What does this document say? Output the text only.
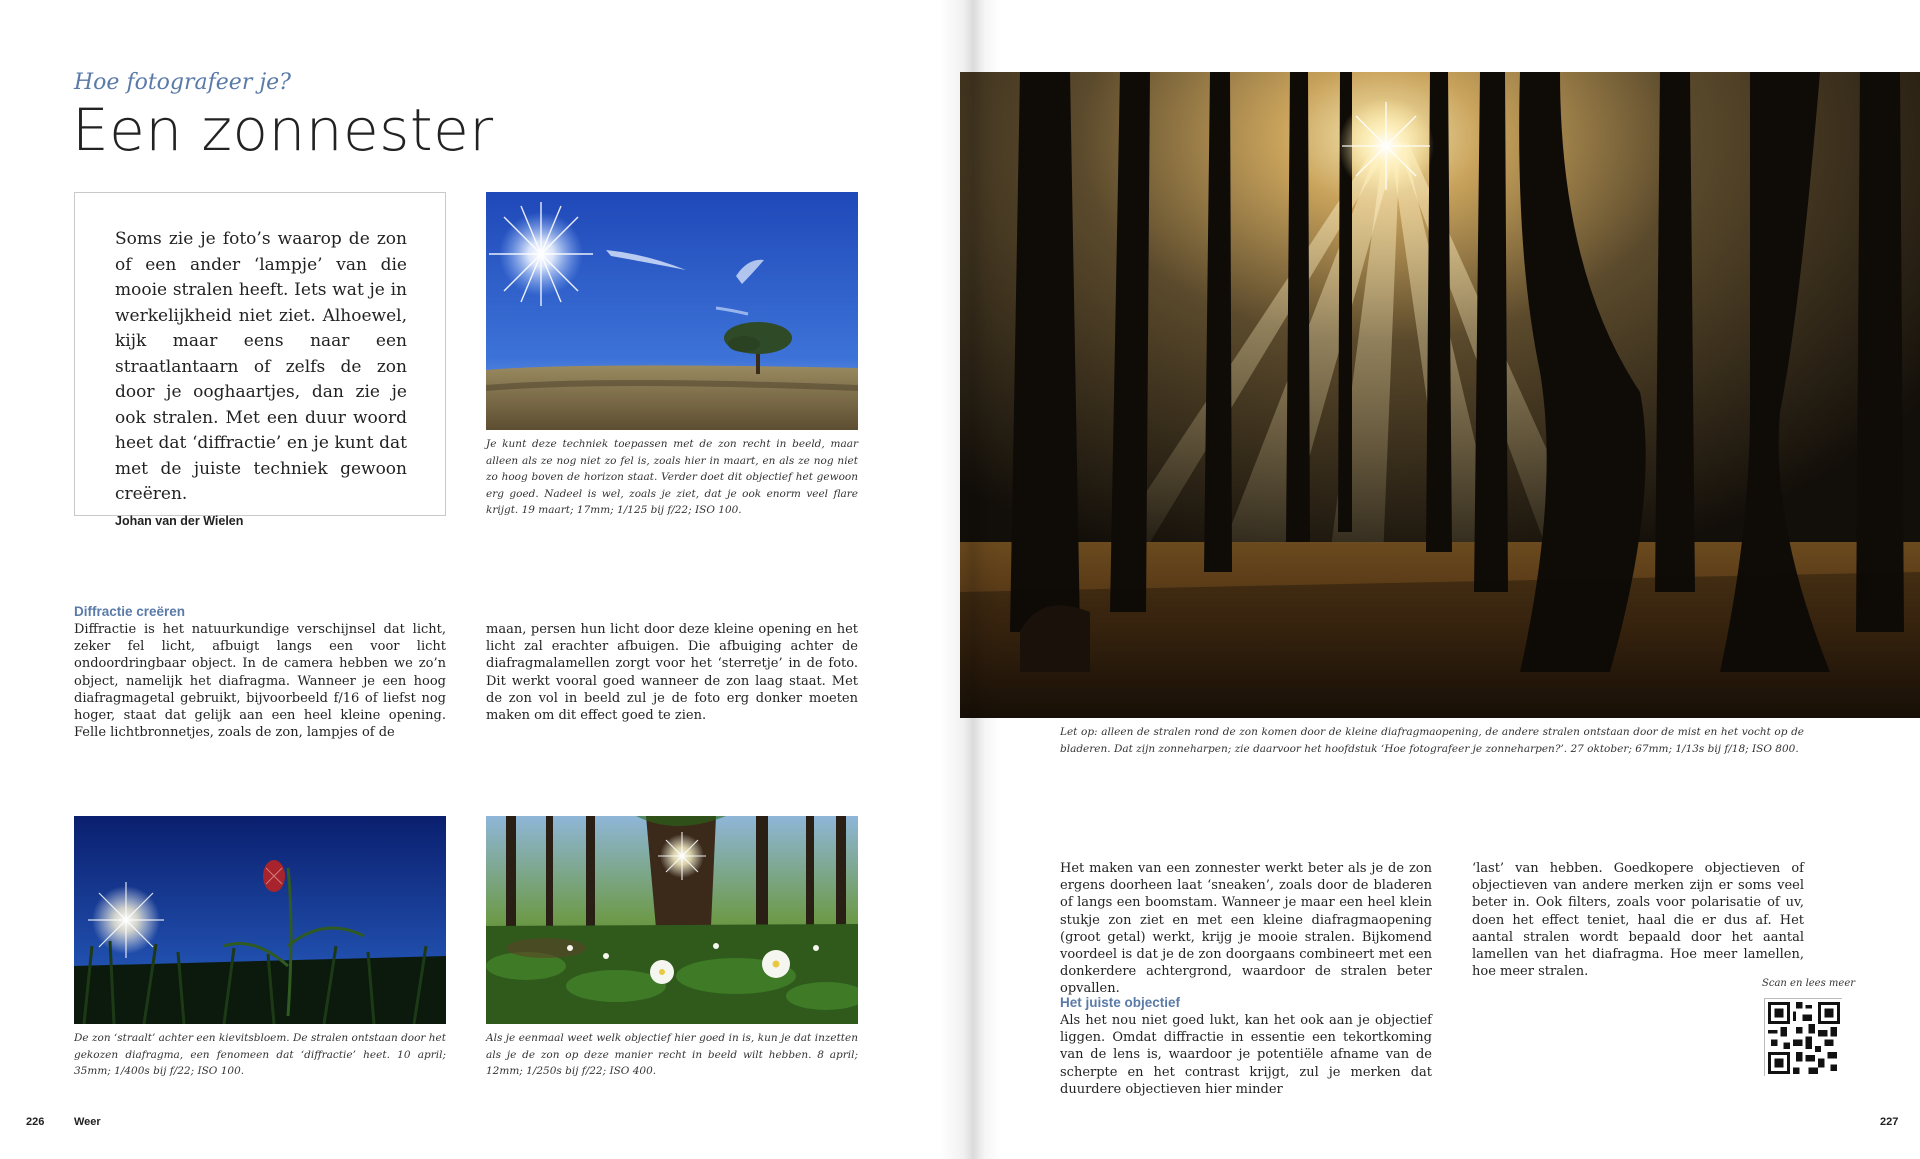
Hoe fotografeer je?
Een zonnester

Soms zie je foto’s waarop de zon of een ander ‘lampje’ van die mooie stralen heeft. Iets wat je in werkelijkheid niet ziet. Alhoewel, kijk maar eens naar een straatlantaarn of zelfs de zon door je ooghaartjes, dan zie je ook stralen. Met een duur woord heet dat ‘diffractie’ en je kunt dat met de juiste techniek gewoon creëren.

Johan van der Wielen

Je kunt deze techniek toepassen met de zon recht in beeld, maar alleen als ze nog niet zo fel is, zoals hier in maart, en als ze nog niet zo hoog boven de horizon staat. Verder doet dit objectief het gewoon erg goed. Nadeel is wel, zoals je ziet, dat je ook enorm veel flare krijgt. 19 maart; 17mm; 1/125 bij f/22; ISO 100.

Diffractie creëren

Diffractie is het natuurkundige verschijnsel dat licht, zeker fel licht, afbuigt langs een voor licht ondoordringbaar object. In de camera hebben we zo’n object, namelijk het diafragma. Wanneer je een hoog diafragmagetal gebruikt, bijvoorbeeld f/16 of liefst nog hoger, staat dat gelijk aan een heel kleine opening. Felle lichtbronnetjes, zoals de zon, lampjes of de

maan, persen hun licht door deze kleine opening en het licht zal erachter afbuigen. Die afbuiging achter de diafragmalamellen zorgt voor het ‘sterretje’ in de foto. Dit werkt vooral goed wanneer de zon laag staat. Met de zon vol in beeld zul je de foto erg donker moeten maken om dit effect goed te zien.

De zon ‘straalt’ achter een kievitsbloem. De stralen ontstaan door het gekozen diafragma, een fenomeen dat ‘diffractie’ heet. 10 april; 35mm; 1/400s bij f/22; ISO 100.

Als je eenmaal weet welk objectief hier goed in is, kun je dat inzetten als je de zon op deze manier recht in beeld wilt hebben. 8 april; 12mm; 1/250s bij f/22; ISO 400.

226	Weer

Let op: alleen de stralen rond de zon komen door de kleine diafragmaopening, de andere stralen ontstaan door de mist en het vocht op de bladeren. Dat zijn zonneharpen; zie daarvoor het hoofdstuk ‘Hoe fotografeer je zonneharpen?’. 27 oktober; 67mm; 1/13s bij f/18; ISO 800.

Het maken van een zonnester werkt beter als je de zon ergens doorheen laat ‘sneaken’, zoals door de bladeren of langs een boomstam. Wanneer je maar een heel klein stukje zon ziet en met een kleine diafragmaopening (groot getal) werkt, krijg je mooie stralen. Bijkomend voordeel is dat je de zon doorgaans combineert met een donkerdere achtergrond, waardoor de stralen beter opvallen.

Het juiste objectief

Als het nou niet goed lukt, kan het ook aan je objectief liggen. Omdat diffractie in essentie een tekortkoming van de lens is, waardoor je potentiële afname van de scherpte en het contrast krijgt, zul je merken dat duurdere objectieven hier minder

‘last’ van hebben. Goedkopere objectieven of objectieven van andere merken zijn er soms veel beter in. Ook filters, zoals voor polarisatie of uv, doen het effect teniet, haal die er dus af. Het aantal stralen wordt bepaald door het aantal lamellen van het diafragma. Hoe meer lamellen, hoe meer stralen.

227
Scan en lees meer
